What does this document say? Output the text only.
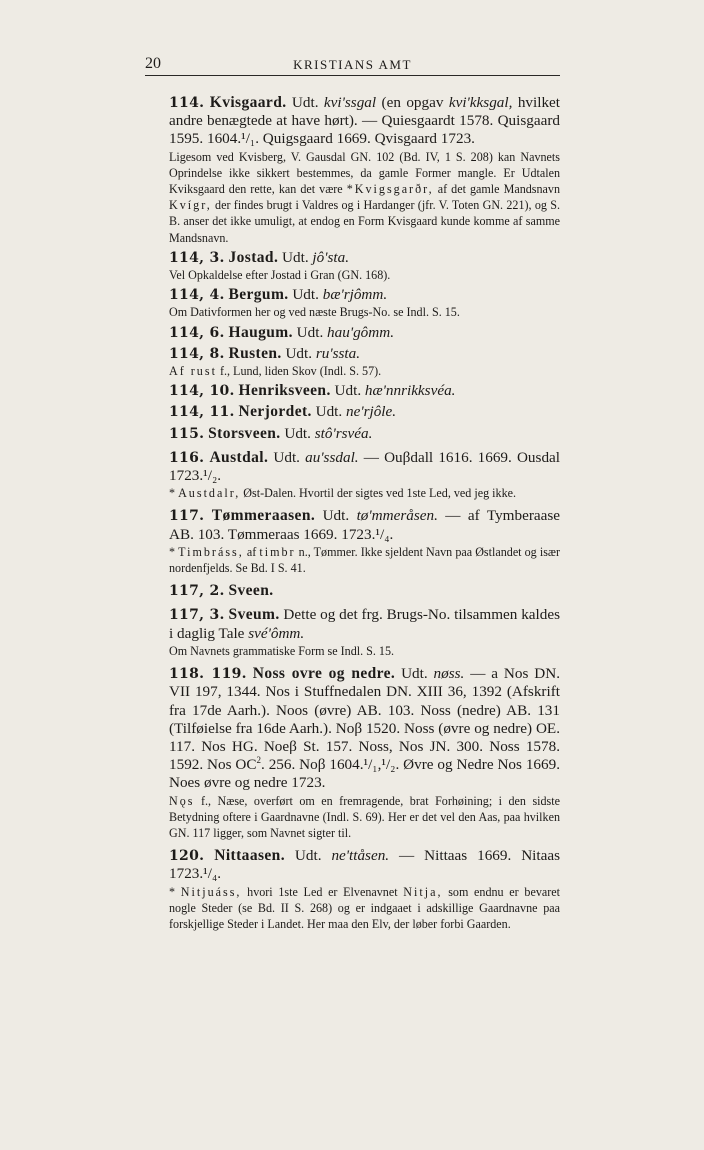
20	KRISTIANS AMT

114. Kvisgaard. Udt. kvi'ssgal (en opgav kvi'kksgal, hvilket andre benægtede at have hørt). — Quiesgaardt 1578. Quisgaard 1595. 1604.¹/₁. Quigsgaard 1669. Qvisgaard 1723.

Ligesom ved Kvisberg, V. Gausdal GN. 102 (Bd. IV, 1 S. 208) kan Navnets Oprindelse ikke sikkert bestemmes, da gamle Former mangle. Er Udtalen Kviksgaard den rette, kan det være *Kvigsgarðr, af det gamle Mandsnavn Kvígr, der findes brugt i Valdres og i Hardanger (jfr. V. Toten GN. 221), og S. B. anser det ikke umuligt, at endog en Form Kvisgaard kunde komme af samme Mandsnavn.

114, 3. Jostad. Udt. jô'sta.

Vel Opkaldelse efter Jostad i Gran (GN. 168).

114, 4. Bergum. Udt. bæ'rjômm.

Om Dativformen her og ved næste Brugs-No. se Indl. S. 15.

114, 6. Haugum. Udt. hau'gômm.

114, 8. Rusten. Udt. ru'ssta.

Af rust f., Lund, liden Skov (Indl. S. 57).

114, 10. Henriksveen. Udt. hæ'nnrikksvéa.

114, 11. Nerjordet. Udt. ne'rjôle.

115. Storsveen. Udt. stô'rsvéa.

116. Austdal. Udt. au'ssdal. — Ouβdall 1616. 1669. Ousdal 1723.¹/₂.

* Austdalr, Øst-Dalen. Hvortil der sigtes ved 1ste Led, ved jeg ikke.

117. Tømmeraasen. Udt. tø'mmeråsen. — af Tymberaase AB. 103. Tømmeraas 1669. 1723.¹/₄.

* Timbráss, af timbr n., Tømmer. Ikke sjeldent Navn paa Østlandet og især nordenfjelds. Se Bd. I S. 41.

117, 2. Sveen.

117, 3. Sveum. Dette og det frg. Brugs-No. tilsammen kaldes i daglig Tale své'ômm.

Om Navnets grammatiske Form se Indl. S. 15.

118. 119. Noss ovre og nedre. Udt. nøss. — a Nos DN. VII 197, 1344. Nos i Stuffnedalen DN. XIII 36, 1392 (Afskrift fra 17de Aarh.). Noos (øvre) AB. 103. Noss (nedre) AB. 131 (Tilføielse fra 16de Aarh.). Noβ 1520. Noss (øvre og nedre) OE. 117. Nos HG. Noeβ St. 157. Noss, Nos JN. 300. Noss 1578. 1592. Nos $OC^2$. 256. Noβ 1604.¹/₁,¹/₂. Øvre og Nedre Nos 1669. Noes øvre og nedre 1723.

Nǫs f., Næse, overført om en fremragende, brat Forhøining; i den sidste Betydning oftere i Gaardnavne (Indl. S. 69). Her er det vel den Aas, paa hvilken GN. 117 ligger, som Navnet sigter til.

120. Nittaasen. Udt. ne'ttåsen. — Nittaas 1669. Nitaas 1723.¹/₄.

* Nitjuáss, hvori 1ste Led er Elvenavnet Nitja, som endnu er bevaret nogle Steder (se Bd. II S. 268) og er indgaaet i adskillige Gaardnavne paa forskjellige Steder i Landet. Her maa den Elv, der løber forbi Gaarden.
